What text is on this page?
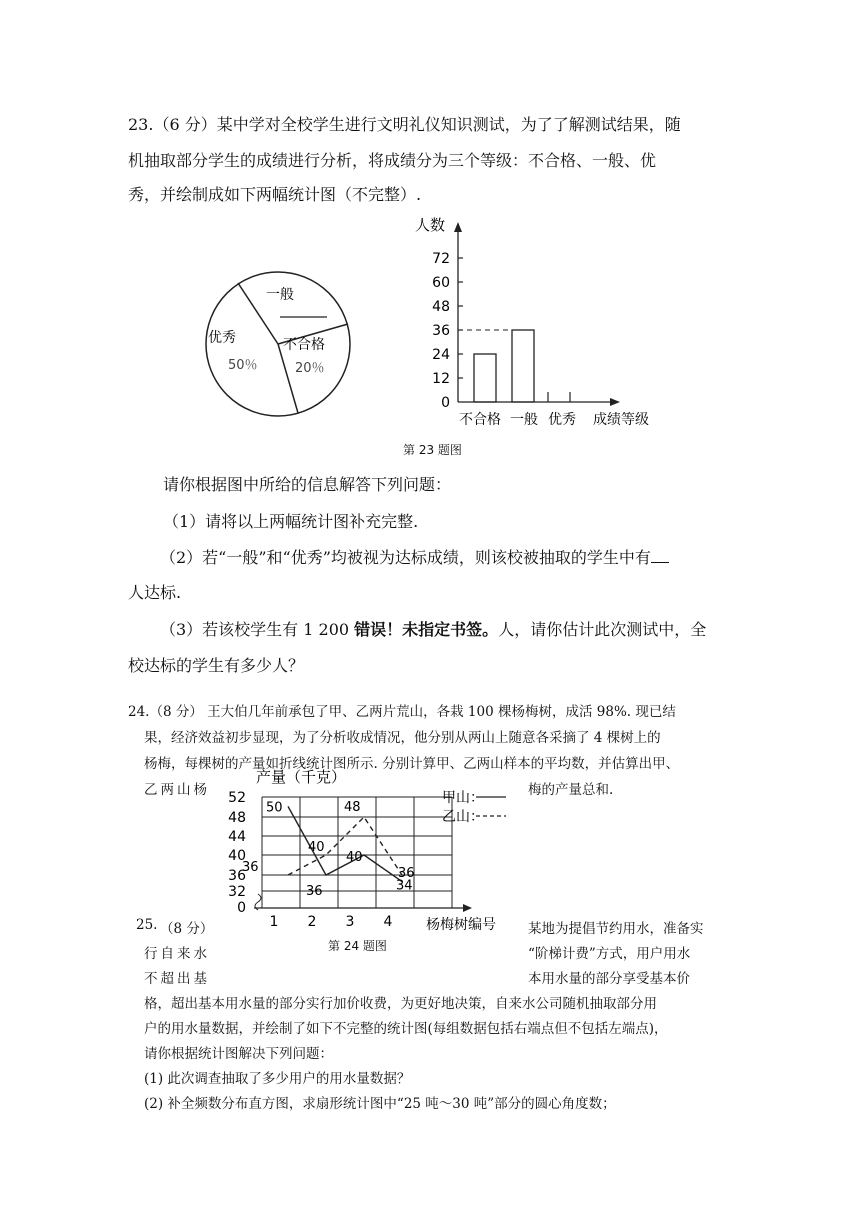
23.（6 分）某中学对全校学生进行文明礼仪知识测试，为了了解测试结果，随
机抽取部分学生的成绩进行分析，将成绩分为三个等级：不合格、一般、优
秀，并绘制成如下两幅统计图（不完整）.
一般
优秀
50％
不合格
20％
人数
0
12
24
36
48
60
72
不合格 一般 优秀 成绩等级
第 23 题图
请你根据图中所给的信息解答下列问题：
（1）请将以上两幅统计图补充完整.
（2）若“一般”和“优秀”均被视为达标成绩，则该校被抽取的学生中有
人达标.
（3）若该校学生有 1 200 错误！未指定书签。人，请你估计此次测试中，全
校达标的学生有多少人？
24.（8 分） 王大伯几年前承包了甲、乙两片荒山，各栽 100 棵杨梅树，成活 98%. 现已结
果，经济效益初步显现，为了分析收成情况，他分别从两山上随意各采摘了 4 棵树上的
杨梅，每棵树的产量如折线统计图所示. 分别计算甲、乙两山样本的平均数，并估算出甲、
乙两山杨	梅的产量总和.
产量（千克）
0
32
36
40
44
48
52
1 2 3 4
50
36
40
34
36
40
48
36
杨梅树编号
甲山：
乙山：
第 24 题图
25. （8 分）	某地为提倡节约用水，准备实
行自来水	“阶梯计费”方式，用户用水
不超出基	本用水量的部分享受基本价
格，超出基本用水量的部分实行加价收费，为更好地决策，自来水公司随机抽取部分用
户的用水量数据，并绘制了如下不完整的统计图(每组数据包括右端点但不包括左端点)，
请你根据统计图解决下列问题：
(1) 此次调查抽取了多少用户的用水量数据？
(2) 补全频数分布直方图，求扇形统计图中“25 吨～30 吨”部分的圆心角度数；
